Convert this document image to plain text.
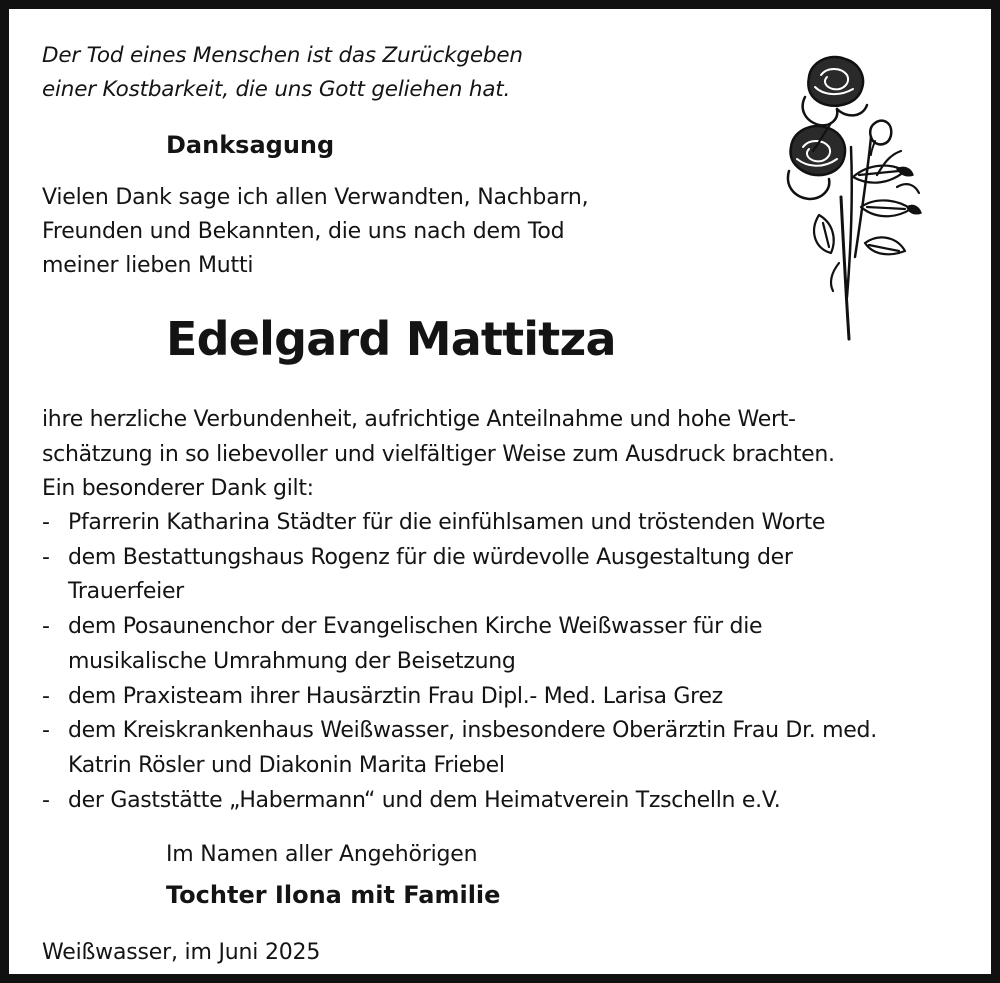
Der Tod eines Menschen ist das Zurückgeben
einer Kostbarkeit, die uns Gott geliehen hat.
Danksagung
Vielen Dank sage ich allen Verwandten, Nachbarn,
Freunden und Bekannten, die uns nach dem Tod
meiner lieben Mutti
Edelgard Mattitza
ihre herzliche Verbundenheit, aufrichtige Anteilnahme und hohe Wert-
schätzung in so liebevoller und vielfältiger Weise zum Ausdruck brachten.
Ein besonderer Dank gilt:
- Pfarrerin Katharina Städter für die einfühlsamen und tröstenden Worte
- dem Bestattungshaus Rogenz für die würdevolle Ausgestaltung der
Trauerfeier
- dem Posaunenchor der Evangelischen Kirche Weißwasser für die
musikalische Umrahmung der Beisetzung
- dem Praxisteam ihrer Hausärztin Frau Dipl.- Med. Larisa Grez
- dem Kreiskrankenhaus Weißwasser, insbesondere Oberärztin Frau Dr. med.
Katrin Rösler und Diakonin Marita Friebel
- der Gaststätte „Habermann“ und dem Heimatverein Tzschelln e.V.
Im Namen aller Angehörigen
Tochter Ilona mit Familie
Weißwasser, im Juni 2025
